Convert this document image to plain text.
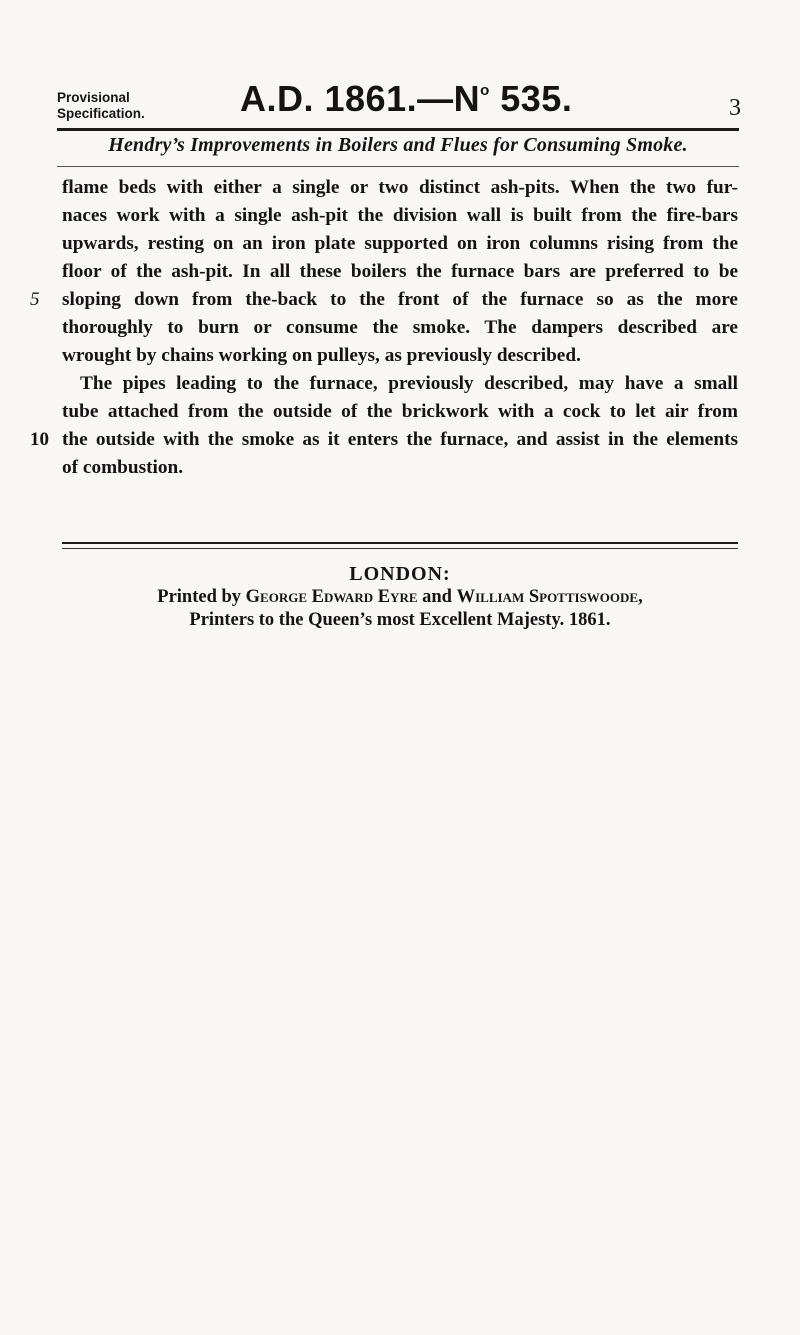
Provisional
Specification.	A.D. $1861.—N^o$ 535.	3
Hendry’s Improvements in Boilers and Flues for Consuming Smoke.
flame beds with either a single or two distinct ash-pits. When the two fur-
naces work with a single ash-pit the division wall is built from the fire-bars
upwards, resting on an iron plate supported on iron columns rising from the
floor of the ash-pit. In all these boilers the furnace bars are preferred to be
5	sloping down from the-back to the front of the furnace so as the more
thoroughly to burn or consume the smoke. The dampers described are
wrought by chains working on pulleys, as previously described.
The pipes leading to the furnace, previously described, may have a small
tube attached from the outside of the brickwork with a cock to let air from
10 the outside with the smoke as it enters the furnace, and assist in the elements
of combustion.
LONDON:
Printed by George Edward Eyre and William Spottiswoode,
Printers to the Queen’s most Excellent Majesty. 1861.
